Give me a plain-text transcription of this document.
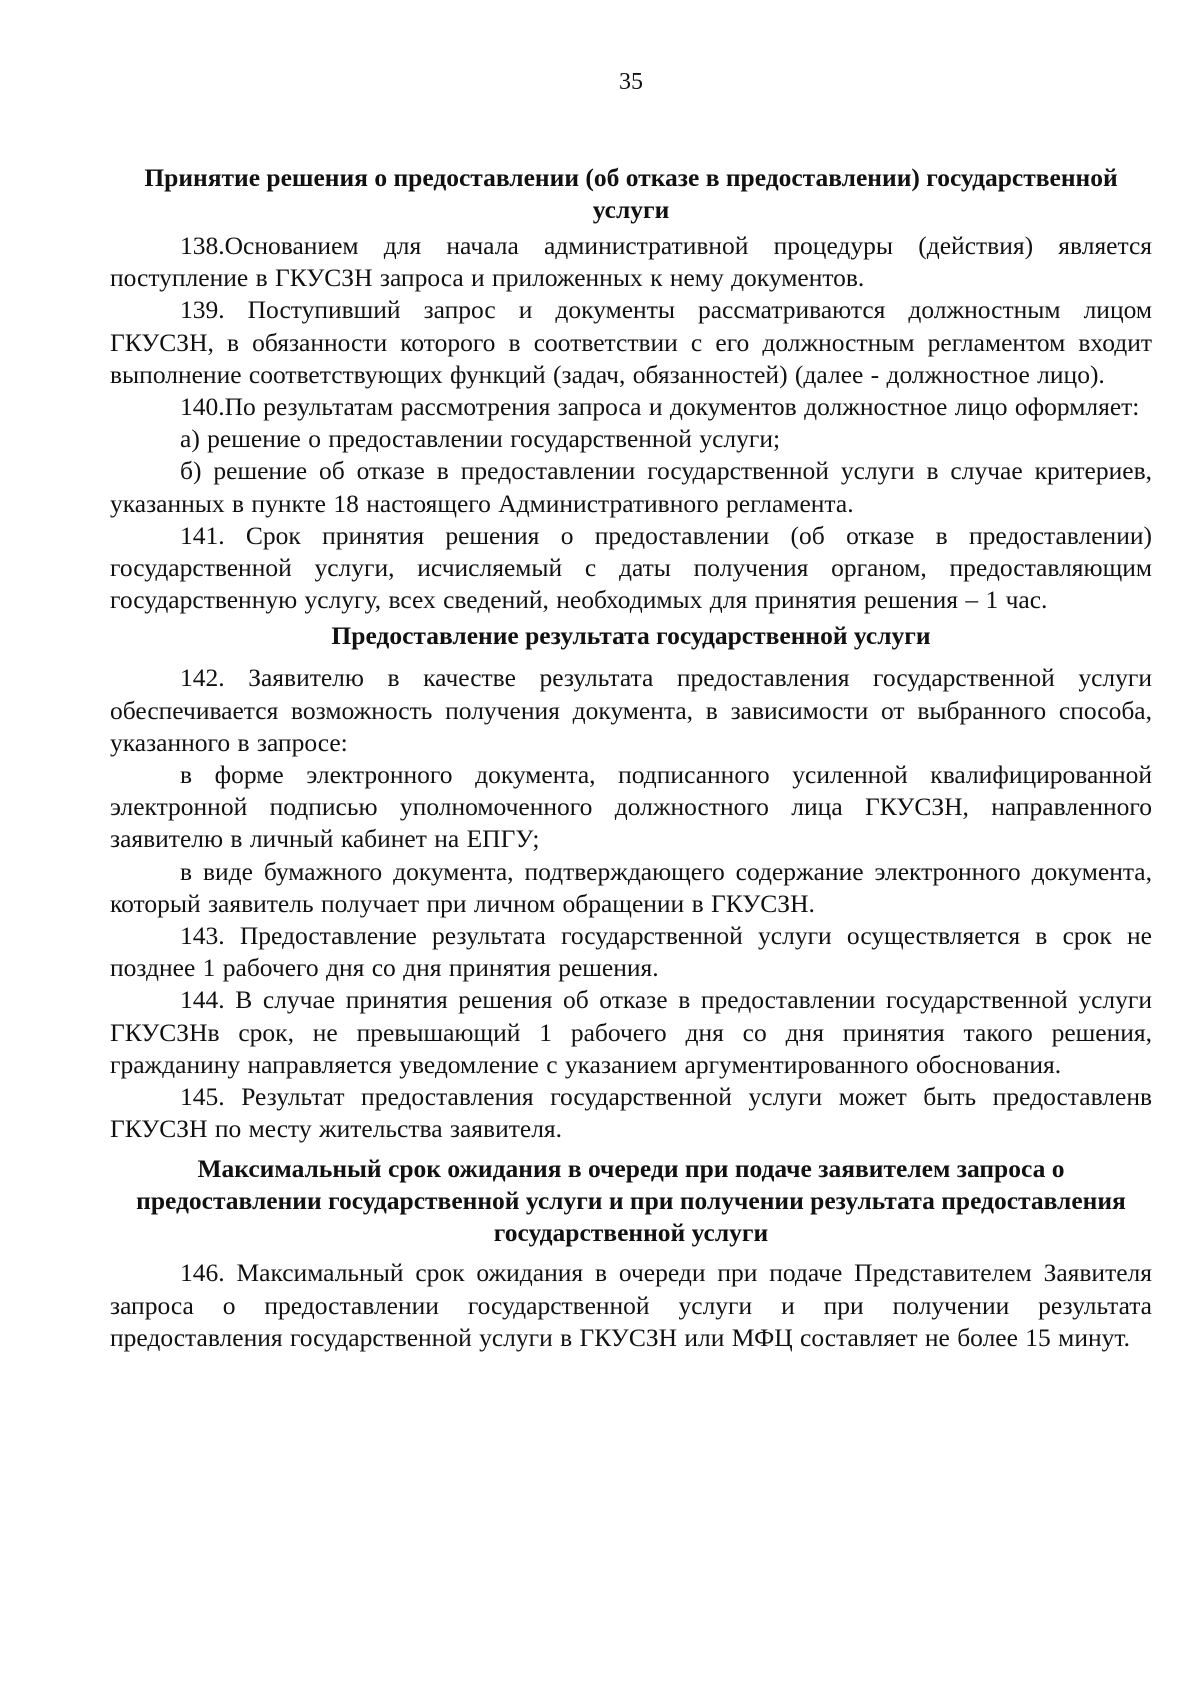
35
Принятие решения о предоставлении (об отказе в предоставлении) государственной услуги

138.Основанием для начала административной процедуры (действия) является поступление в ГКУСЗН запроса и приложенных к нему документов.

139. Поступивший запрос и документы рассматриваются должностным лицом ГКУСЗН, в обязанности которого в соответствии с его должностным регламентом входит выполнение соответствующих функций (задач, обязанностей) (далее - должностное лицо).

140.По результатам рассмотрения запроса и документов должностное лицо оформляет:

а) решение о предоставлении государственной услуги;

б) решение об отказе в предоставлении государственной услуги в случае критериев, указанных в пункте 18 настоящего Административного регламента.

141. Срок принятия решения о предоставлении (об отказе в предоставлении) государственной услуги, исчисляемый с даты получения органом, предоставляющим государственную услугу, всех сведений, необходимых для принятия решения – 1 час.

Предоставление результата государственной услуги

142. Заявителю в качестве результата предоставления государственной услуги обеспечивается возможность получения документа, в зависимости от выбранного способа, указанного в запросе:

в форме электронного документа, подписанного усиленной квалифицированной электронной подписью уполномоченного должностного лица ГКУСЗН, направленного заявителю в личный кабинет на ЕПГУ;

в виде бумажного документа, подтверждающего содержание электронного документа, который заявитель получает при личном обращении в ГКУСЗН.

143. Предоставление результата государственной услуги осуществляется в срок не позднее 1 рабочего дня со дня принятия решения.

144. В случае принятия решения об отказе в предоставлении государственной услуги ГКУСЗНв срок, не превышающий 1 рабочего дня со дня принятия такого решения, гражданину направляется уведомление с указанием аргументированного обоснования.

145. Результат предоставления государственной услуги может быть предоставленв ГКУСЗН по месту жительства заявителя.

Максимальный срок ожидания в очереди при подаче заявителем запроса о предоставлении государственной услуги и при получении результата предоставления государственной услуги

146. Максимальный срок ожидания в очереди при подаче Представителем Заявителя запроса о предоставлении государственной услуги и при получении результата предоставления государственной услуги в ГКУСЗН или МФЦ составляет не более 15 минут.
